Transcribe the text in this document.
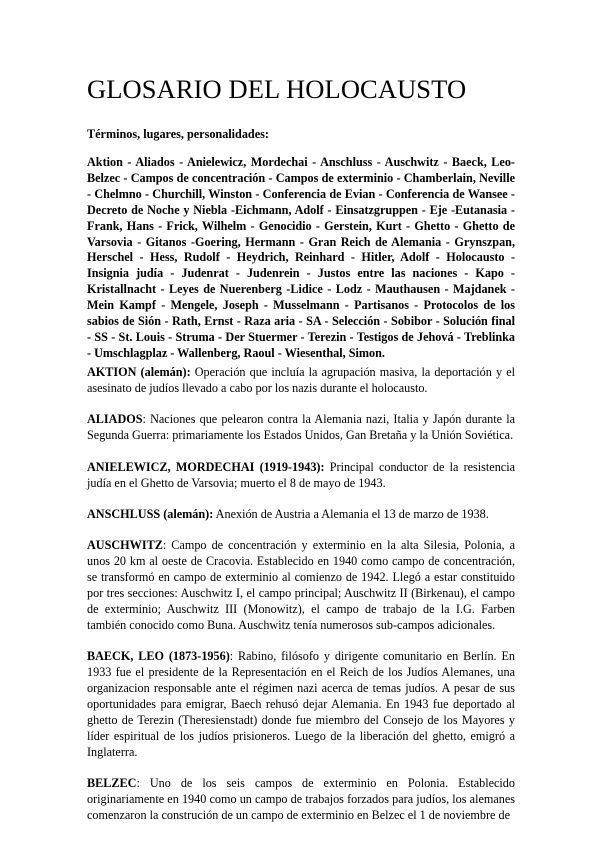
GLOSARIO DEL HOLOCAUSTO

Términos, lugares, personalidades:

Aktion - Aliados - Anielewicz, Mordechai - Anschluss - Auschwitz - Baeck, Leo-Belzec - Campos de concentración - Campos de exterminio - Chamberlain, Neville - Chelmno - Churchill, Winston - Conferencia de Evian - Conferencia de Wansee - Decreto de Noche y Niebla -Eichmann, Adolf - Einsatzgruppen - Eje -Eutanasia - Frank, Hans - Frick, Wilhelm - Genocidio - Gerstein, Kurt - Ghetto - Ghetto de Varsovia - Gitanos -Goering, Hermann - Gran Reich de Alemania - Grynszpan, Herschel - Hess, Rudolf - Heydrich, Reinhard - Hitler, Adolf - Holocausto - Insignia judía - Judenrat - Judenrein - Justos entre las naciones - Kapo - Kristallnacht - Leyes de Nuerenberg -Lidice - Lodz - Mauthausen - Majdanek - Mein Kampf - Mengele, Joseph - Musselmann - Partisanos - Protocolos de los sabios de Sión - Rath, Ernst - Raza aria - SA - Selección - Sobibor - Solución final - SS - St. Louis - Struma - Der Stuermer - Terezin - Testigos de Jehová - Treblinka - Umschlagplaz - Wallenberg, Raoul - Wiesenthal, Simon.

AKTION (alemán): Operación que incluía la agrupación masiva, la deportación y el asesinato de judíos llevado a cabo por los nazis durante el holocausto.

ALIADOS: Naciones que pelearon contra la Alemania nazi, Italia y Japón durante la Segunda Guerra: primariamente los Estados Unidos, Gan Bretaña y la Unión Soviética.

ANIELEWICZ, MORDECHAI (1919-1943): Principal conductor de la resistencia judía en el Ghetto de Varsovia; muerto el 8 de mayo de 1943.

ANSCHLUSS (alemán): Anexión de Austria a Alemania el 13 de marzo de 1938.

AUSCHWITZ: Campo de concentración y exterminio en la alta Silesia, Polonia, a unos 20 km al oeste de Cracovia. Establecido en 1940 como campo de concentración, se transformó en campo de exterminio al comienzo de 1942. Llegó a estar constituido por tres secciones: Auschwitz I, el campo principal; Auschwitz II (Birkenau), el campo de exterminio; Auschwitz III (Monowitz), el campo de trabajo de la I.G. Farben también conocido como Buna. Auschwitz tenía numerosos sub-campos adicionales.

BAECK, LEO (1873-1956): Rabino, filósofo y dirigente comunitario en Berlín. En 1933 fue el presidente de la Representación en el Reich de los Judíos Alemanes, una organizacion responsable ante el régimen nazi acerca de temas judíos. A pesar de sus oportunidades para emigrar, Baech rehusó dejar Alemania. En 1943 fue deportado al ghetto de Terezin (Theresienstadt) donde fue miembro del Consejo de los Mayores y líder espiritual de los judíos prisioneros. Luego de la liberación del ghetto, emigró a Inglaterra.

BELZEC: Uno de los seis campos de exterminio en Polonia. Establecido originariamente en 1940 como un campo de trabajos forzados para judíos, los alemanes comenzaron la construción de un campo de exterminio en Belzec el 1 de noviembre de
